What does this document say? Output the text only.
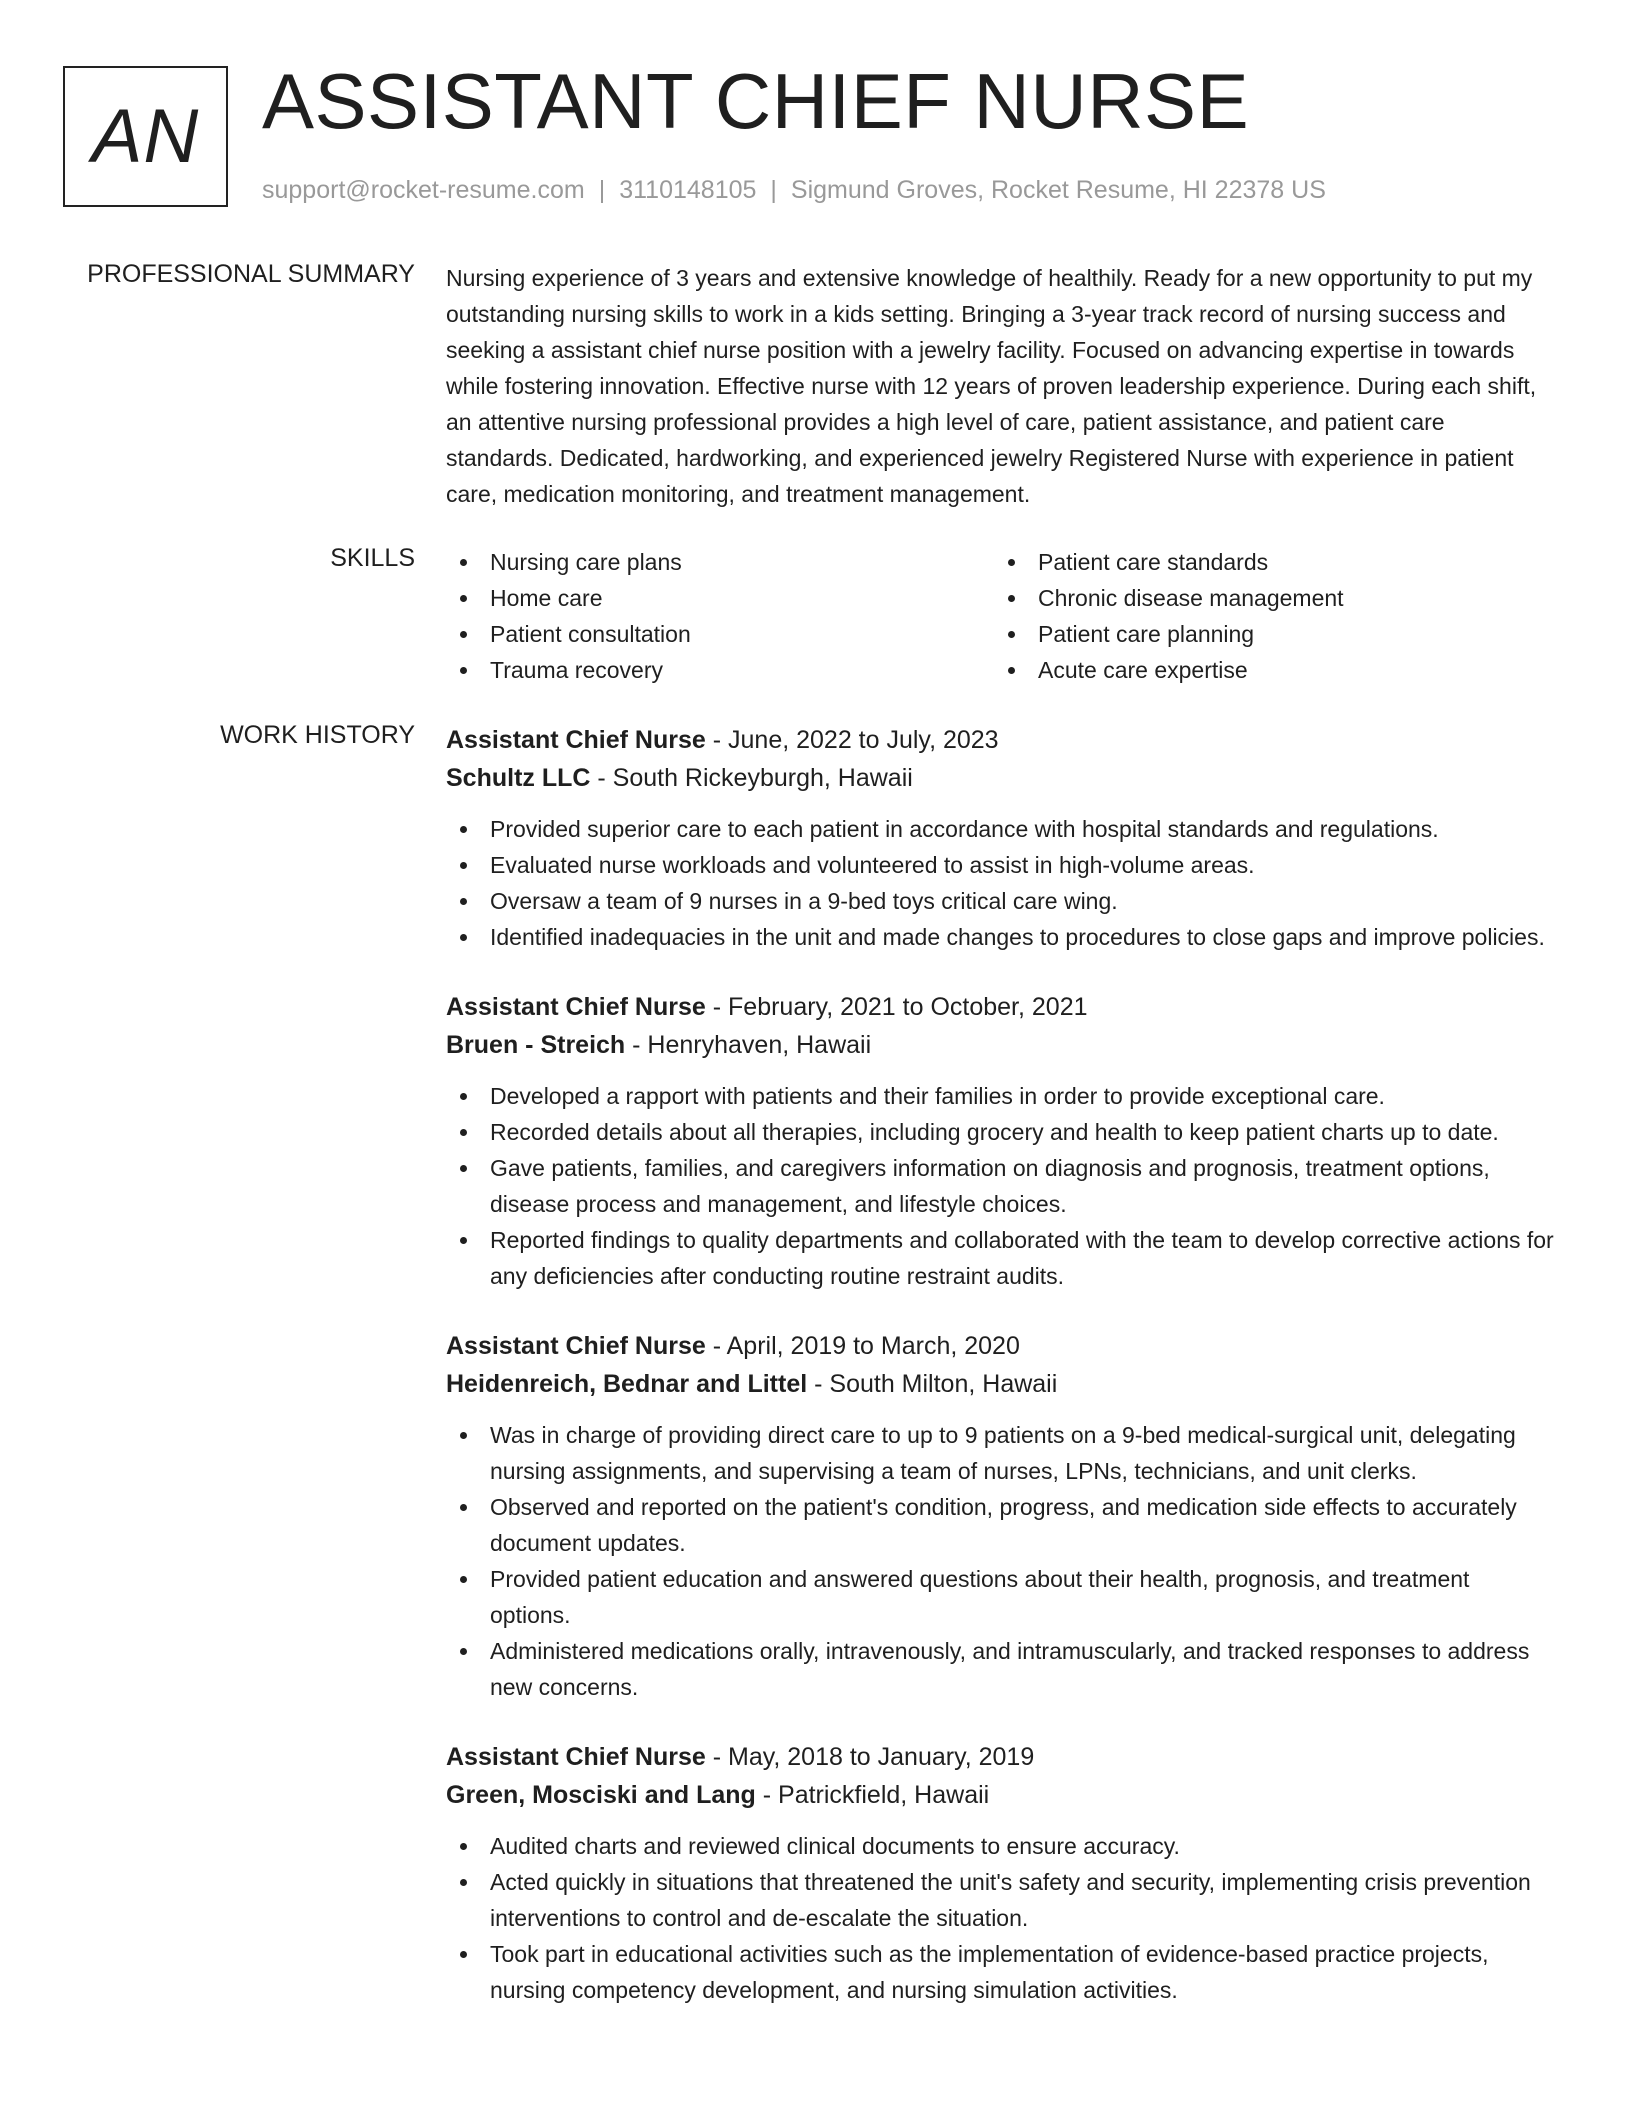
AN ASSISTANT CHIEF NURSE
support@rocket-resume.com | 3110148105 | Sigmund Groves, Rocket Resume, HI 22378 US
PROFESSIONAL SUMMARY Nursing experience of 3 years and extensive knowledge of healthily. Ready for a new opportunity to put my outstanding nursing skills to work in a kids setting. Bringing a 3-year track record of nursing success and seeking a assistant chief nurse position with a jewelry facility. Focused on advancing expertise in towards while fostering innovation. Effective nurse with 12 years of proven leadership experience. During each shift, an attentive nursing professional provides a high level of care, patient assistance, and patient care standards. Dedicated, hardworking, and experienced jewelry Registered Nurse with experience in patient care, medication monitoring, and treatment management.

SKILLS	Nursing care plans
Home care
Patient consultation
Trauma recovery
Patient care standards
Chronic disease management
Patient care planning
Acute care expertise
WORK HISTORY Assistant Chief Nurse - June, 2022 to July, 2023
Schultz LLC - South Rickeyburgh, Hawaii
Provided superior care to each patient in accordance with hospital standards and regulations.
Evaluated nurse workloads and volunteered to assist in high-volume areas.
Oversaw a team of 9 nurses in a 9-bed toys critical care wing.
Identified inadequacies in the unit and made changes to procedures to close gaps and improve policies.
Assistant Chief Nurse - February, 2021 to October, 2021
Bruen - Streich - Henryhaven, Hawaii
Developed a rapport with patients and their families in order to provide exceptional care.
Recorded details about all therapies, including grocery and health to keep patient charts up to date.
Gave patients, families, and caregivers information on diagnosis and prognosis, treatment options, disease process and management, and lifestyle choices.
Reported findings to quality departments and collaborated with the team to develop corrective actions for any deficiencies after conducting routine restraint audits.
Assistant Chief Nurse - April, 2019 to March, 2020
Heidenreich, Bednar and Littel - South Milton, Hawaii
Was in charge of providing direct care to up to 9 patients on a 9-bed medical-surgical unit, delegating nursing assignments, and supervising a team of nurses, LPNs, technicians, and unit clerks.
Observed and reported on the patient's condition, progress, and medication side effects to accurately document updates.
Provided patient education and answered questions about their health, prognosis, and treatment options.
Administered medications orally, intravenously, and intramuscularly, and tracked responses to address new concerns.
Assistant Chief Nurse - May, 2018 to January, 2019
Green, Mosciski and Lang - Patrickfield, Hawaii
Audited charts and reviewed clinical documents to ensure accuracy.
Acted quickly in situations that threatened the unit's safety and security, implementing crisis prevention interventions to control and de-escalate the situation.
Took part in educational activities such as the implementation of evidence-based practice projects, nursing competency development, and nursing simulation activities.
